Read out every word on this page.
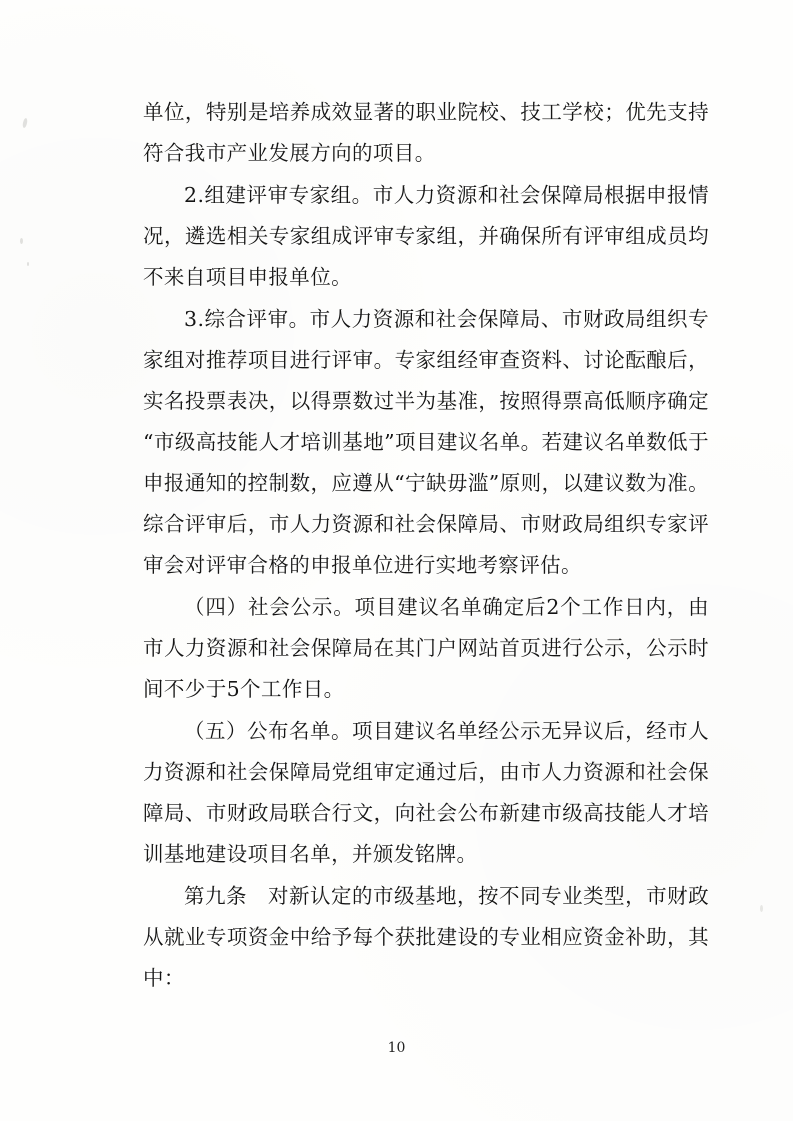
单位，特别是培养成效显著的职业院校、技工学校；优先支持符合我市产业发展方向的项目。

2.组建评审专家组。市人力资源和社会保障局根据申报情况，遴选相关专家组成评审专家组，并确保所有评审组成员均不来自项目申报单位。

3.综合评审。市人力资源和社会保障局、市财政局组织专家组对推荐项目进行评审。专家组经审查资料、讨论酝酿后，实名投票表决，以得票数过半为基准，按照得票高低顺序确定“市级高技能人才培训基地”项目建议名单。若建议名单数低于申报通知的控制数，应遵从“宁缺毋滥”原则，以建议数为准。综合评审后，市人力资源和社会保障局、市财政局组织专家评审会对评审合格的申报单位进行实地考察评估。

（四）社会公示。项目建议名单确定后2个工作日内，由市人力资源和社会保障局在其门户网站首页进行公示，公示时间不少于5个工作日。

（五）公布名单。项目建议名单经公示无异议后，经市人力资源和社会保障局党组审定通过后，由市人力资源和社会保障局、市财政局联合行文，向社会公布新建市级高技能人才培训基地建设项目名单，并颁发铭牌。

第九条　对新认定的市级基地，按不同专业类型，市财政从就业专项资金中给予每个获批建设的专业相应资金补助，其中：

10
